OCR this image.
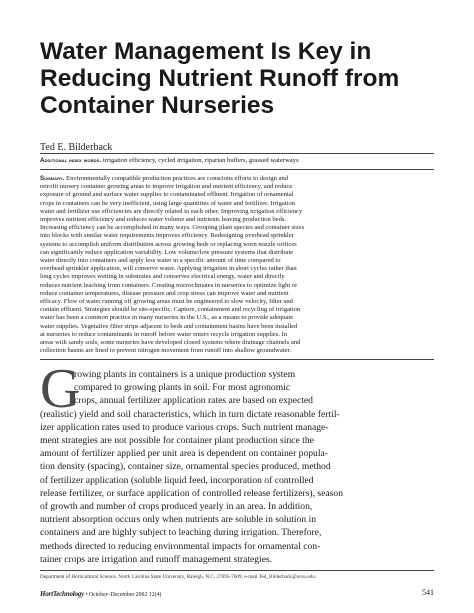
Water Management Is Key in
Reducing Nutrient Runoff from
Container Nurseries
Ted E. Bilderback
Additional index words. irrigation efficiency, cycled irrigation, riparian buffers, grassed waterways
Summary. Environmentally compatible production practices are conscious efforts to design and
retrofit nursery container growing areas to improve irrigation and nutrient efficiency, and reduce
exposure of ground and surface water supplies to contaminated effluent. Irrigation of ornamental
crops in containers can be very inefficient, using large quantities of water and fertilizer. Irrigation
water and fertilizer use efficiencies are directly related to each other. Improving irrigation efficiency
improves nutrient efficiency and reduces water volume and nutrients leaving production beds.
Increasing efficiency can be accomplished in many ways. Grouping plant species and container sizes
into blocks with similar water requirements improves efficiency. Redesigning overhead sprinkler
systems to accomplish uniform distribution across growing beds or replacing worn nozzle orifices
can significantly reduce application variability. Low volume/low pressure systems that distribute
water directly into containers and apply less water in a specific amount of time compared to
overhead sprinkler application, will conserve water. Applying irrigation in short cycles rather than
long cycles improves wetting in substrates and conserves electrical energy, water and directly
reduces nutrient leaching from containers. Creating microclimates in nurseries to optimize light or
reduce container temperatures, disease pressure and crop stress can improve water and nutrient
efficacy. Flow of water running off growing areas must be engineered to slow velocity, filter and
contain effluent. Strategies should be site-specific. Capture, containment and recycling of irrigation
water has been a common practice in many nurseries in the U.S., as a means to provide adequate
water supplies. Vegetative filter strips adjacent to beds and containment basins have been installed
at nurseries to reduce contaminants in runoff before water enters recycle irrigation supplies. In
areas with sandy soils, some nurseries have developed closed systems where drainage channels and
collection basins are lined to prevent nitrogen movement from runoff into shallow groundwater.
G
rowing plants in containers is a unique production system
compared to growing plants in soil. For most agronomic
crops, annual fertilizer application rates are based on expected
(realistic) yield and soil characteristics, which in turn dictate reasonable fertil-
izer application rates used to produce various crops. Such nutrient manage-
ment strategies are not possible for container plant production since the
amount of fertilizer applied per unit area is dependent on container popula-
tion density (spacing), container size, ornamental species produced, method
of fertilizer application (soluble liquid feed, incorporation of controlled
release fertilizer, or surface application of controlled release fertilizers), season
of growth and number of crops produced yearly in an area. In addition,
nutrient absorption occurs only when nutrients are soluble in solution in
containers and are highly subject to leaching during irrigation. Therefore,
methods directed to reducing environmental impacts for ornamental con-
tainer crops are irrigation and runoff management strategies.
Department of Horticultural Science, North Carolina State University, Raleigh, N.C. 27695-7609; e-mail Ted_Bilderback@ncsu.edu.
HortTechnology • October–December 2002 12(4)	541
